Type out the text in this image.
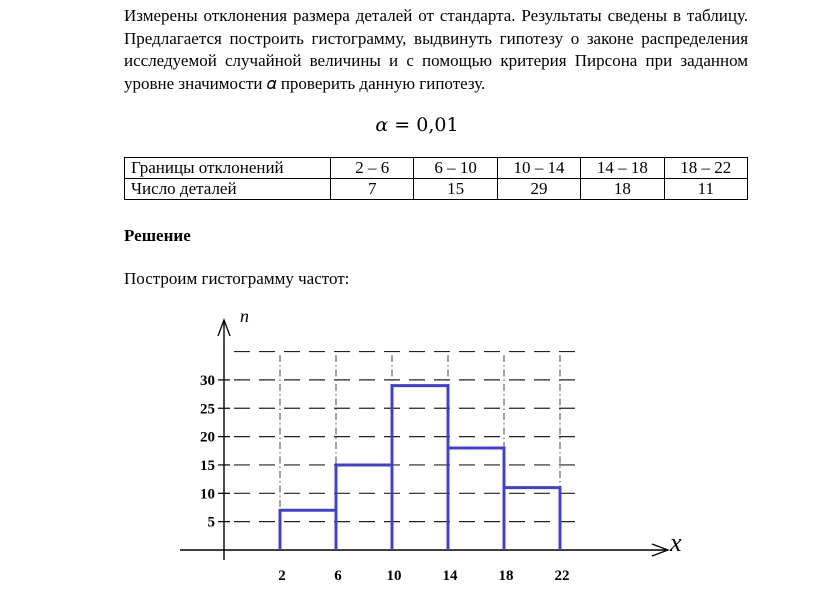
Измерены отклонения размера деталей от стандарта. Результаты сведены в таблицу. Предлагается построить гистограмму, выдвинуть гипотезу о законе распределения исследуемой случайной величины и с помощью критерия Пирсона при заданном уровне значимости 𝛼 проверить данную гипотезу.

𝛼 = 0,01
Границы отклонений	2 – 6	6 – 10	10 – 14	14 – 18	18 – 22
Число деталей	7	15	29	18	11
Решение
Построим гистограмму частот:
5
10
15
20
25
30
2	6	10	14	18	22
n
x
